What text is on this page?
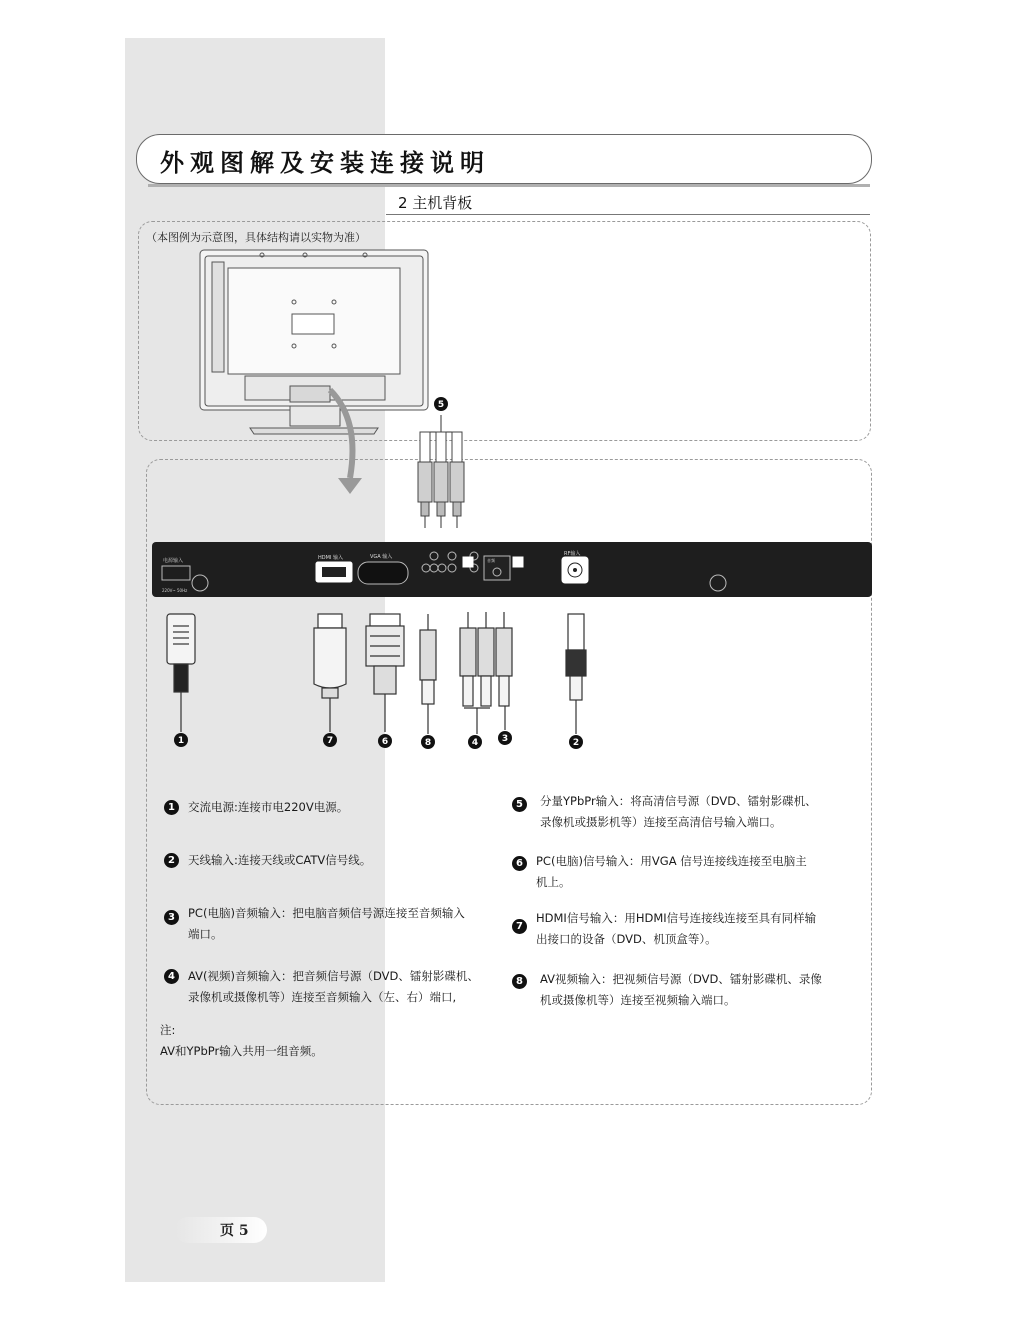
外观图解及安装连接说明
2 主机背板
（本图例为示意图，具体结构请以实物为准）
电源输入
220V~ 50Hz
HDMI 输入	VGA 输入
音频
RF输入
5
1	7	6	8	4	3	2
1	交流电源:连接市电220V电源。
2	天线输入:连接天线或CATV信号线。
3	PC(电脑)音频输入：把电脑音频信号源连接至音频输入
端口。
4	AV(视频)音频输入：把音频信号源（DVD、镭射影碟机、
录像机或摄像机等）连接至音频输入（左、右）端口,
5	分量YPbPr输入：将高清信号源（DVD、镭射影碟机、
录像机或摄影机等）连接至高清信号输入端口。
6	PC(电脑)信号输入：用VGA 信号连接线连接至电脑主
机上。
7
HDMI信号输入：用HDMI信号连接线连接至具有同样输
出接口的设备（DVD、机顶盒等）。
8	AV视频输入：把视频信号源（DVD、镭射影碟机、录像
机或摄像机等）连接至视频输入端口。
注:
AV和YPbPr输入共用一组音频。
页 5
